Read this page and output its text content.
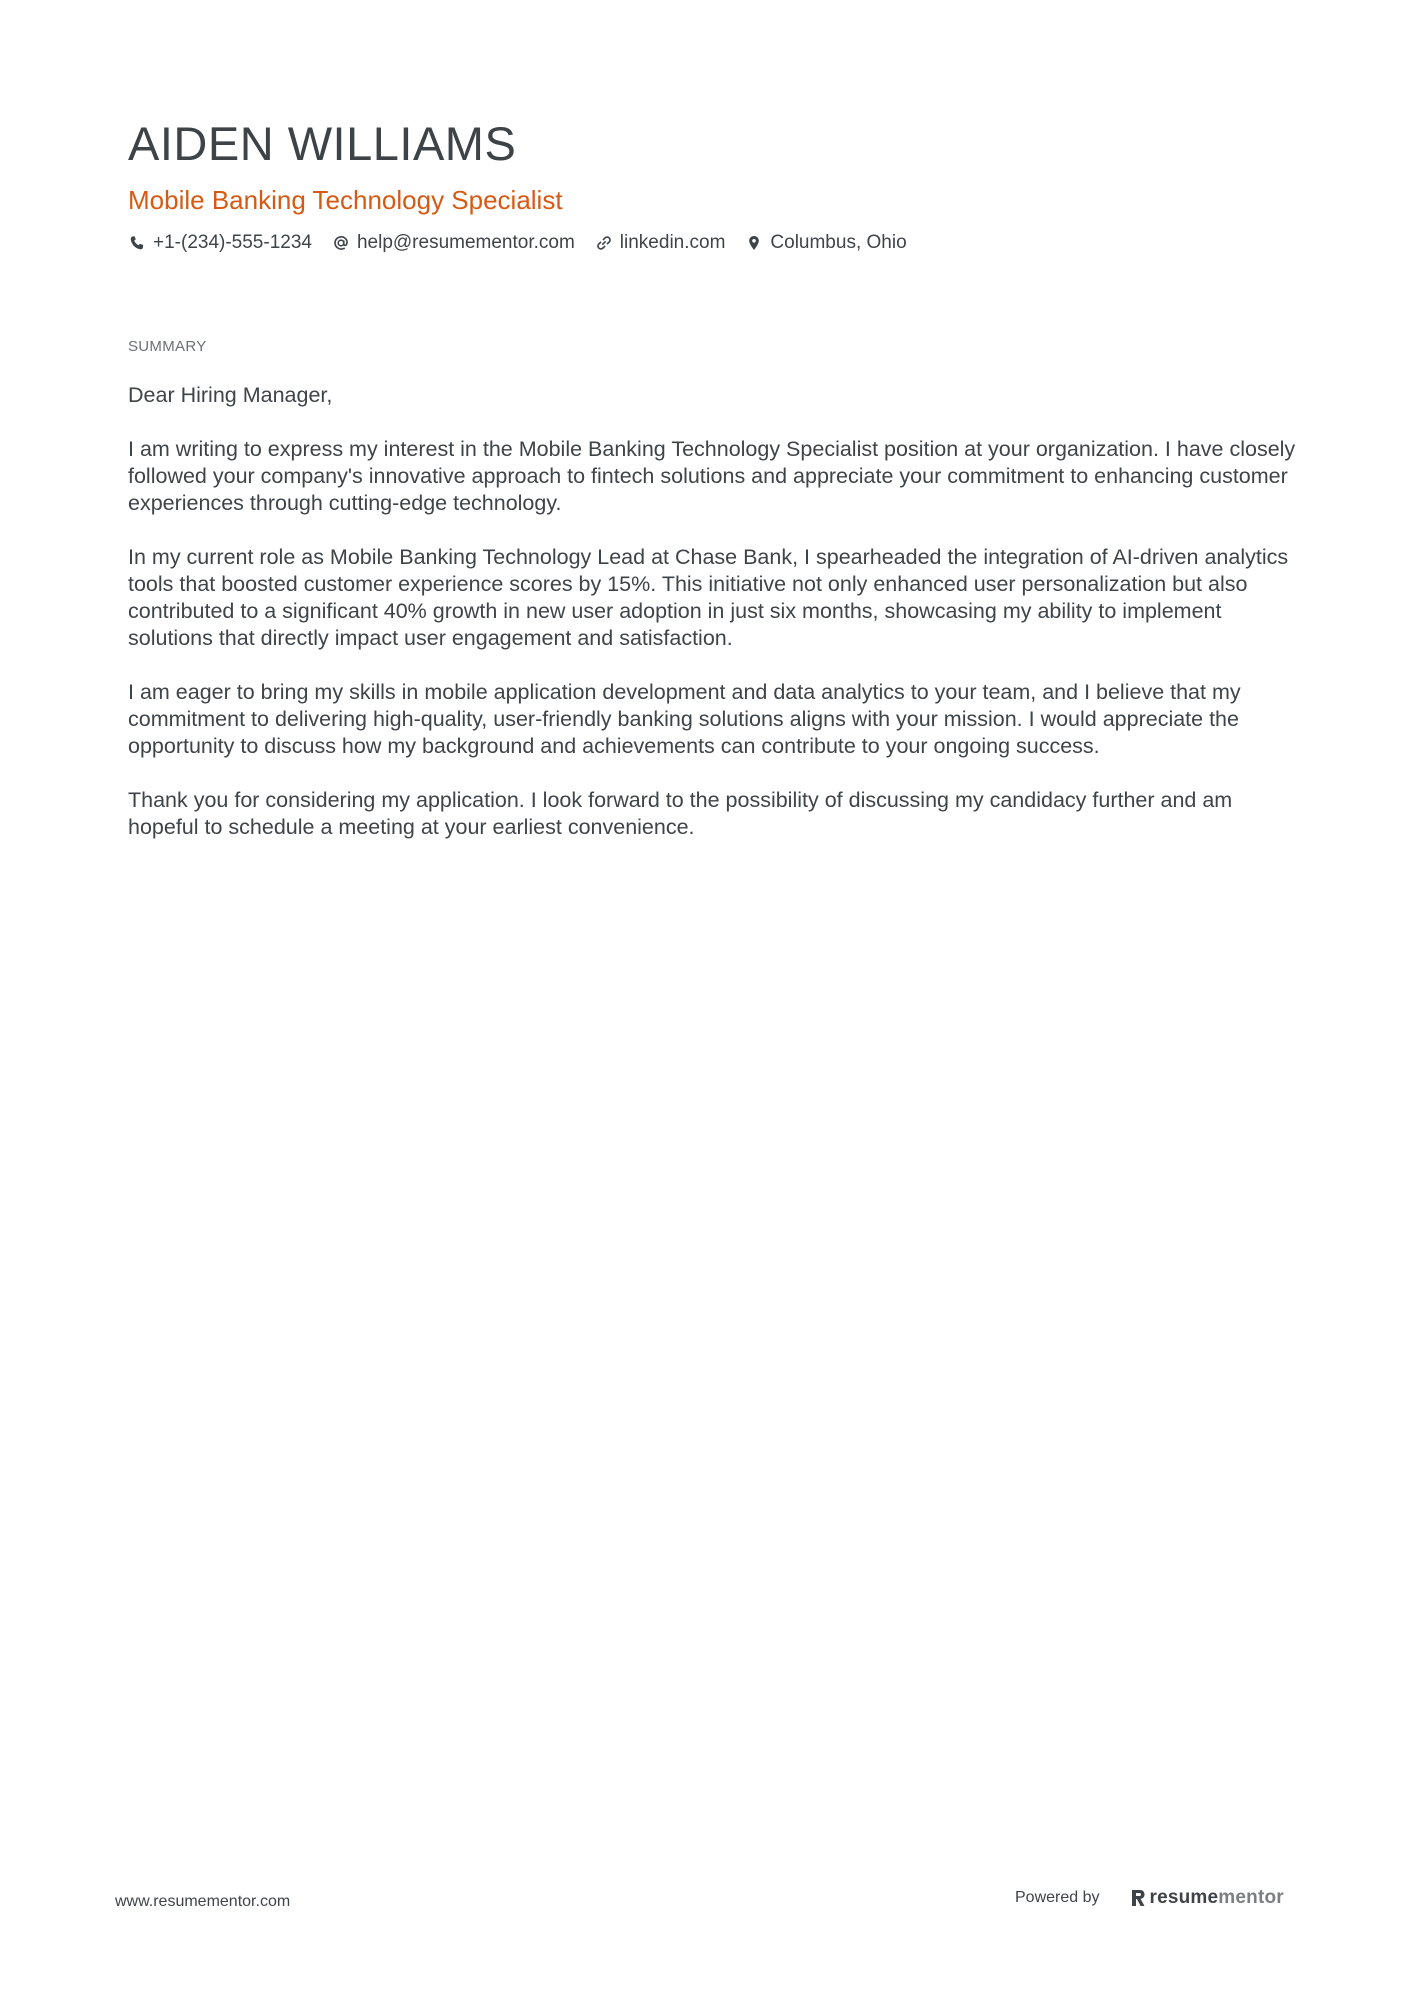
AIDEN WILLIAMS
Mobile Banking Technology Specialist
+1-(234)-555-1234 help@resumementor.com linkedin.com Columbus, Ohio
SUMMARY

Dear Hiring Manager,

I am writing to express my interest in the Mobile Banking Technology Specialist position at your organization. I have closely followed your company's innovative approach to fintech solutions and appreciate your commitment to enhancing customer experiences through cutting-edge technology.

In my current role as Mobile Banking Technology Lead at Chase Bank, I spearheaded the integration of AI-driven analytics tools that boosted customer experience scores by 15%. This initiative not only enhanced user personalization but also contributed to a significant 40% growth in new user adoption in just six months, showcasing my ability to implement solutions that directly impact user engagement and satisfaction.

I am eager to bring my skills in mobile application development and data analytics to your team, and I believe that my commitment to delivering high-quality, user-friendly banking solutions aligns with your mission. I would appreciate the opportunity to discuss how my background and achievements can contribute to your ongoing success.

Thank you for considering my application. I look forward to the possibility of discussing my candidacy further and am hopeful to schedule a meeting at your earliest convenience.

www.resumementor.com	Powered by	resume mentor
